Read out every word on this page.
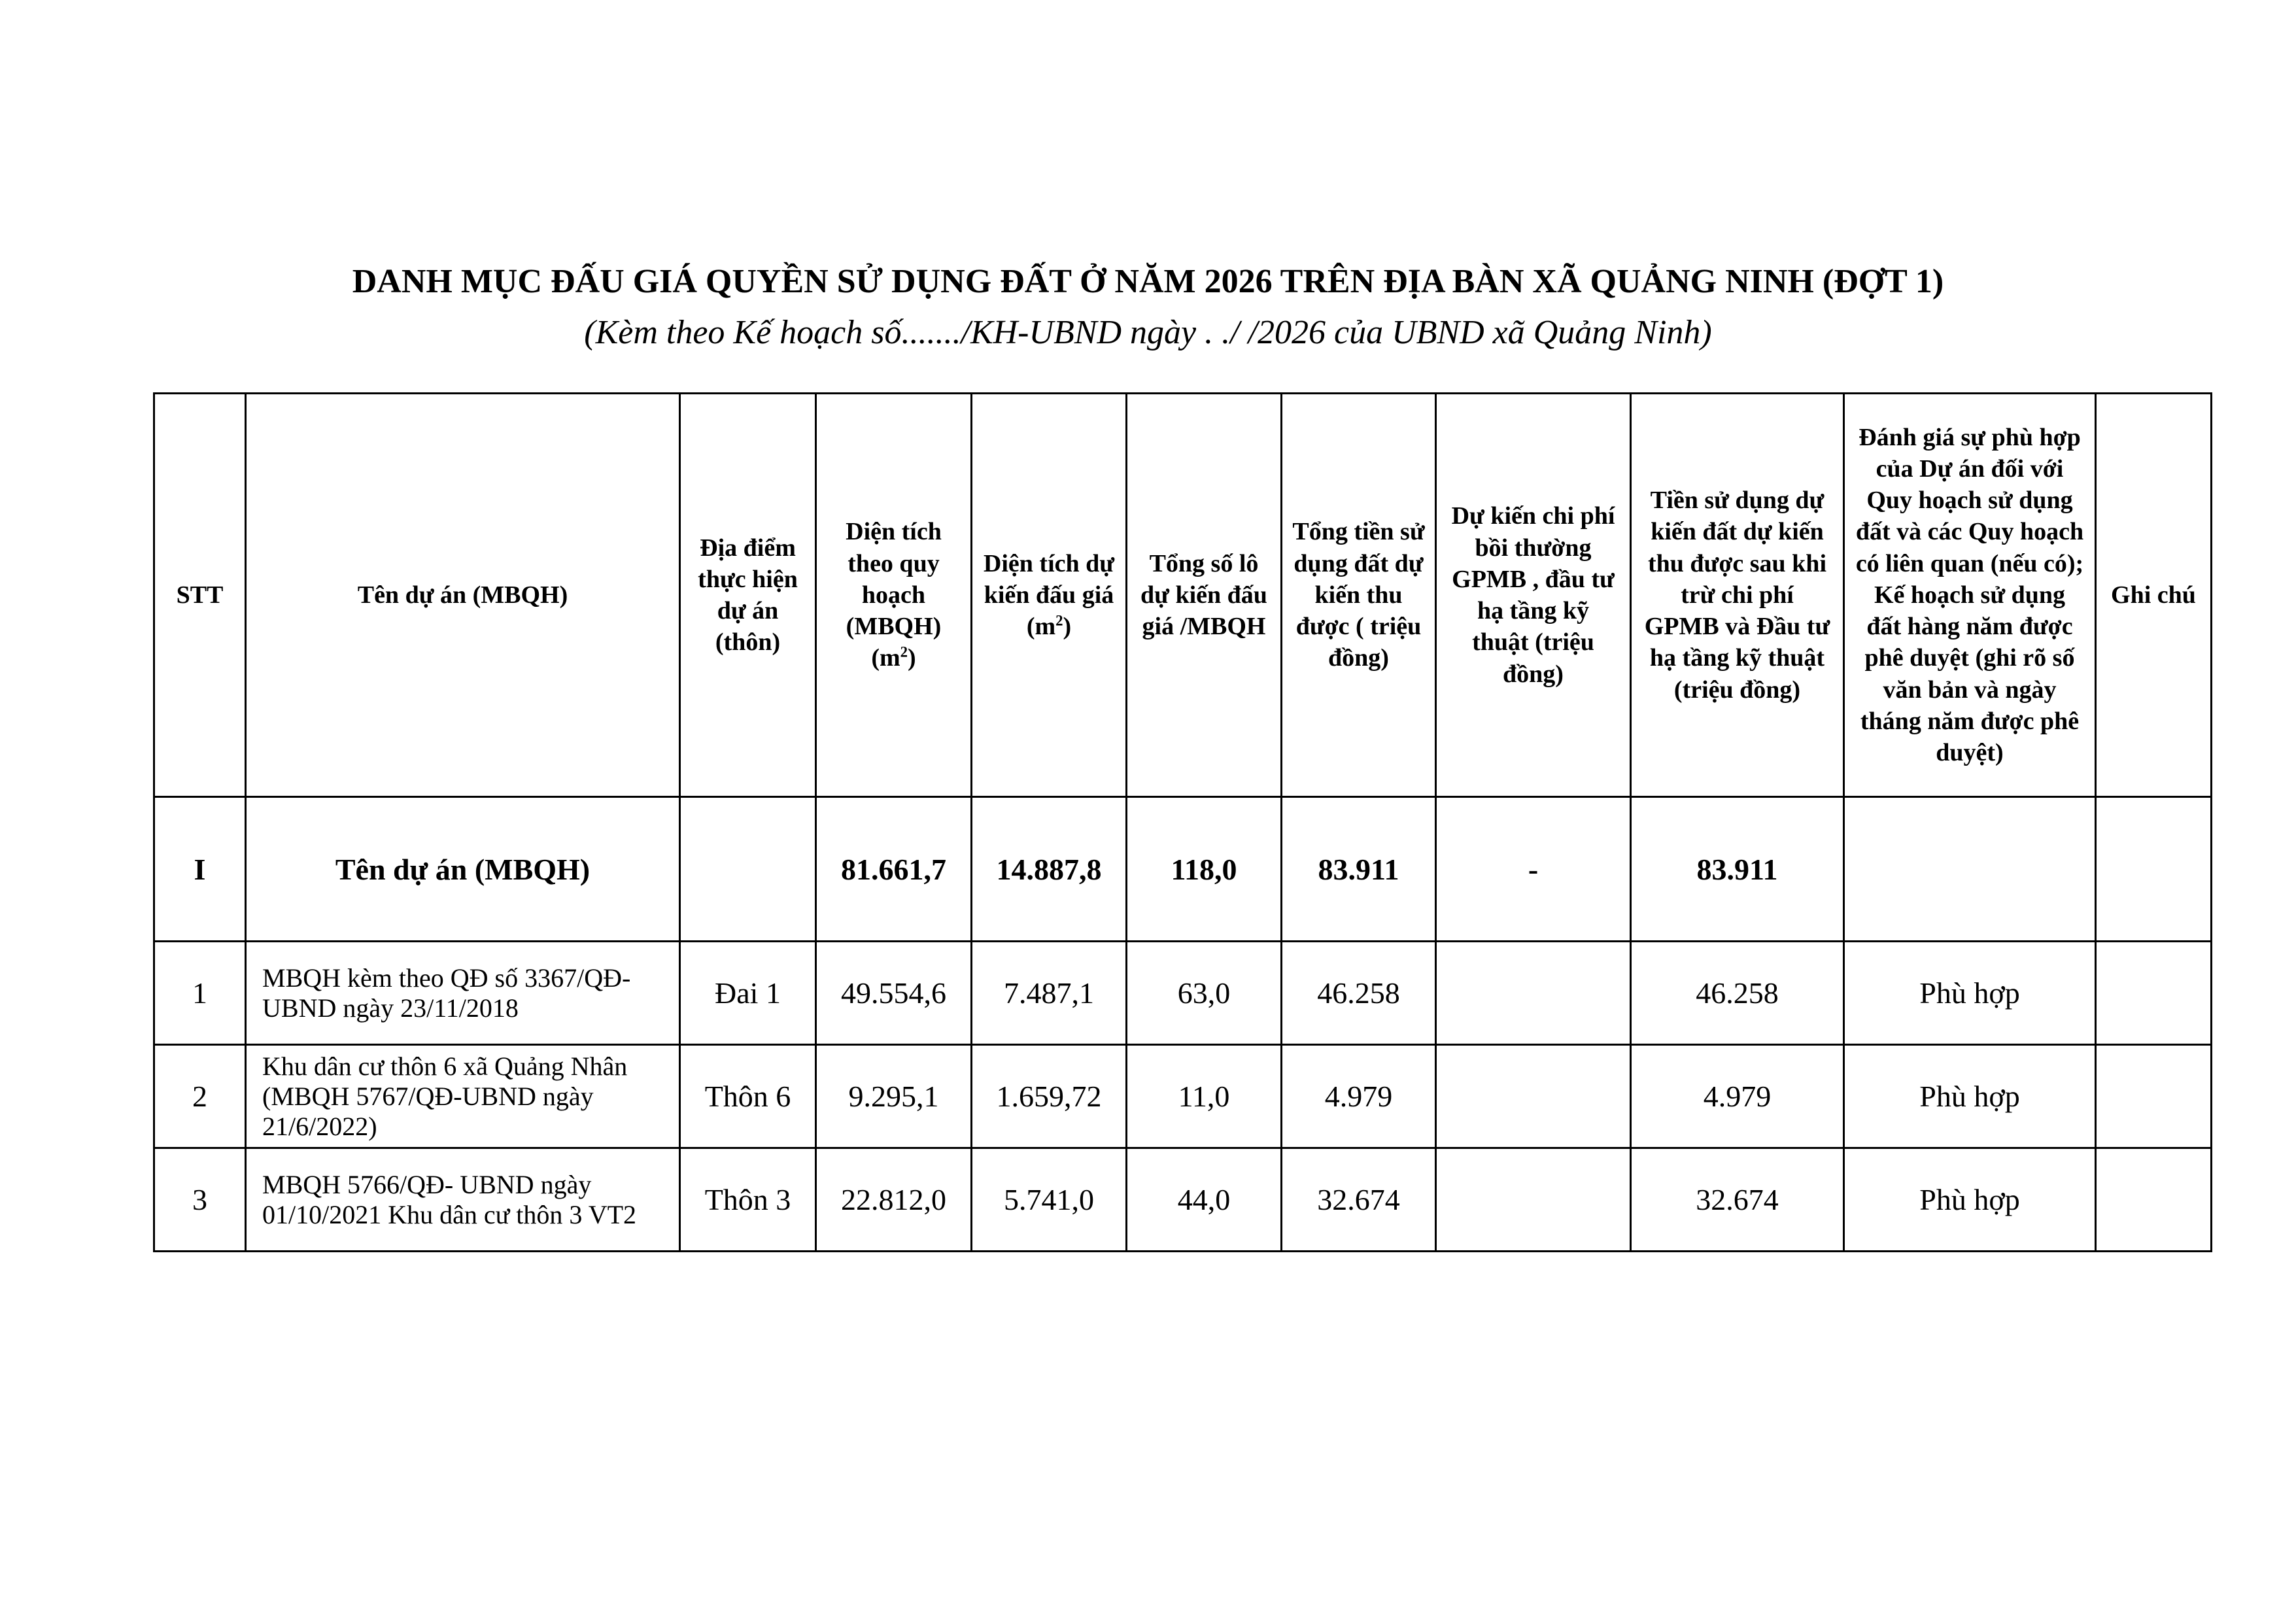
DANH MỤC ĐẤU GIÁ QUYỀN SỬ DỤNG ĐẤT Ở NĂM 2026 TRÊN ĐỊA BÀN XÃ QUẢNG NINH (ĐỢT 1)
(Kèm theo Kế hoạch số......./KH-UBND ngày . ./ /2026 của UBND xã Quảng Ninh)
STT	Tên dự án (MBQH)	Địa điểm thực hiện dự án (thôn)	Diện tích theo quy hoạch (MBQH) $(m^2)$	Diện tích dự kiến đấu giá $(m^2)$	Tổng số lô dự kiến đấu giá /MBQH	Tổng tiền sử dụng đất dự kiến thu được ( triệu đồng)	Dự kiến chi phí bồi thường GPMB , đầu tư hạ tầng kỹ thuật (triệu đồng)	Tiền sử dụng dự kiến đất dự kiến thu được sau khi trừ chi phí GPMB và Đầu tư hạ tầng kỹ thuật (triệu đồng)	Đánh giá sự phù hợp của Dự án đối với Quy hoạch sử dụng đất và các Quy hoạch có liên quan (nếu có); Kế hoạch sử dụng đất hàng năm được phê duyệt (ghi rõ số văn bản và ngày tháng năm được phê duyệt)	Ghi chú
I	Tên dự án (MBQH)		81.661,7	14.887,8	118,0	83.911	-	83.911		
1	MBQH kèm theo QĐ số 3367/QĐ-UBND ngày 23/11/2018	Đai 1	49.554,6	7.487,1	63,0	46.258		46.258	Phù hợp	
2	Khu dân cư thôn 6 xã Quảng Nhân (MBQH 5767/QĐ-UBND ngày 21/6/2022)	Thôn 6	9.295,1	1.659,72	11,0	4.979		4.979	Phù hợp	
3	MBQH 5766/QĐ- UBND ngày 01/10/2021 Khu dân cư thôn 3 VT2	Thôn 3	22.812,0	5.741,0	44,0	32.674		32.674	Phù hợp	
